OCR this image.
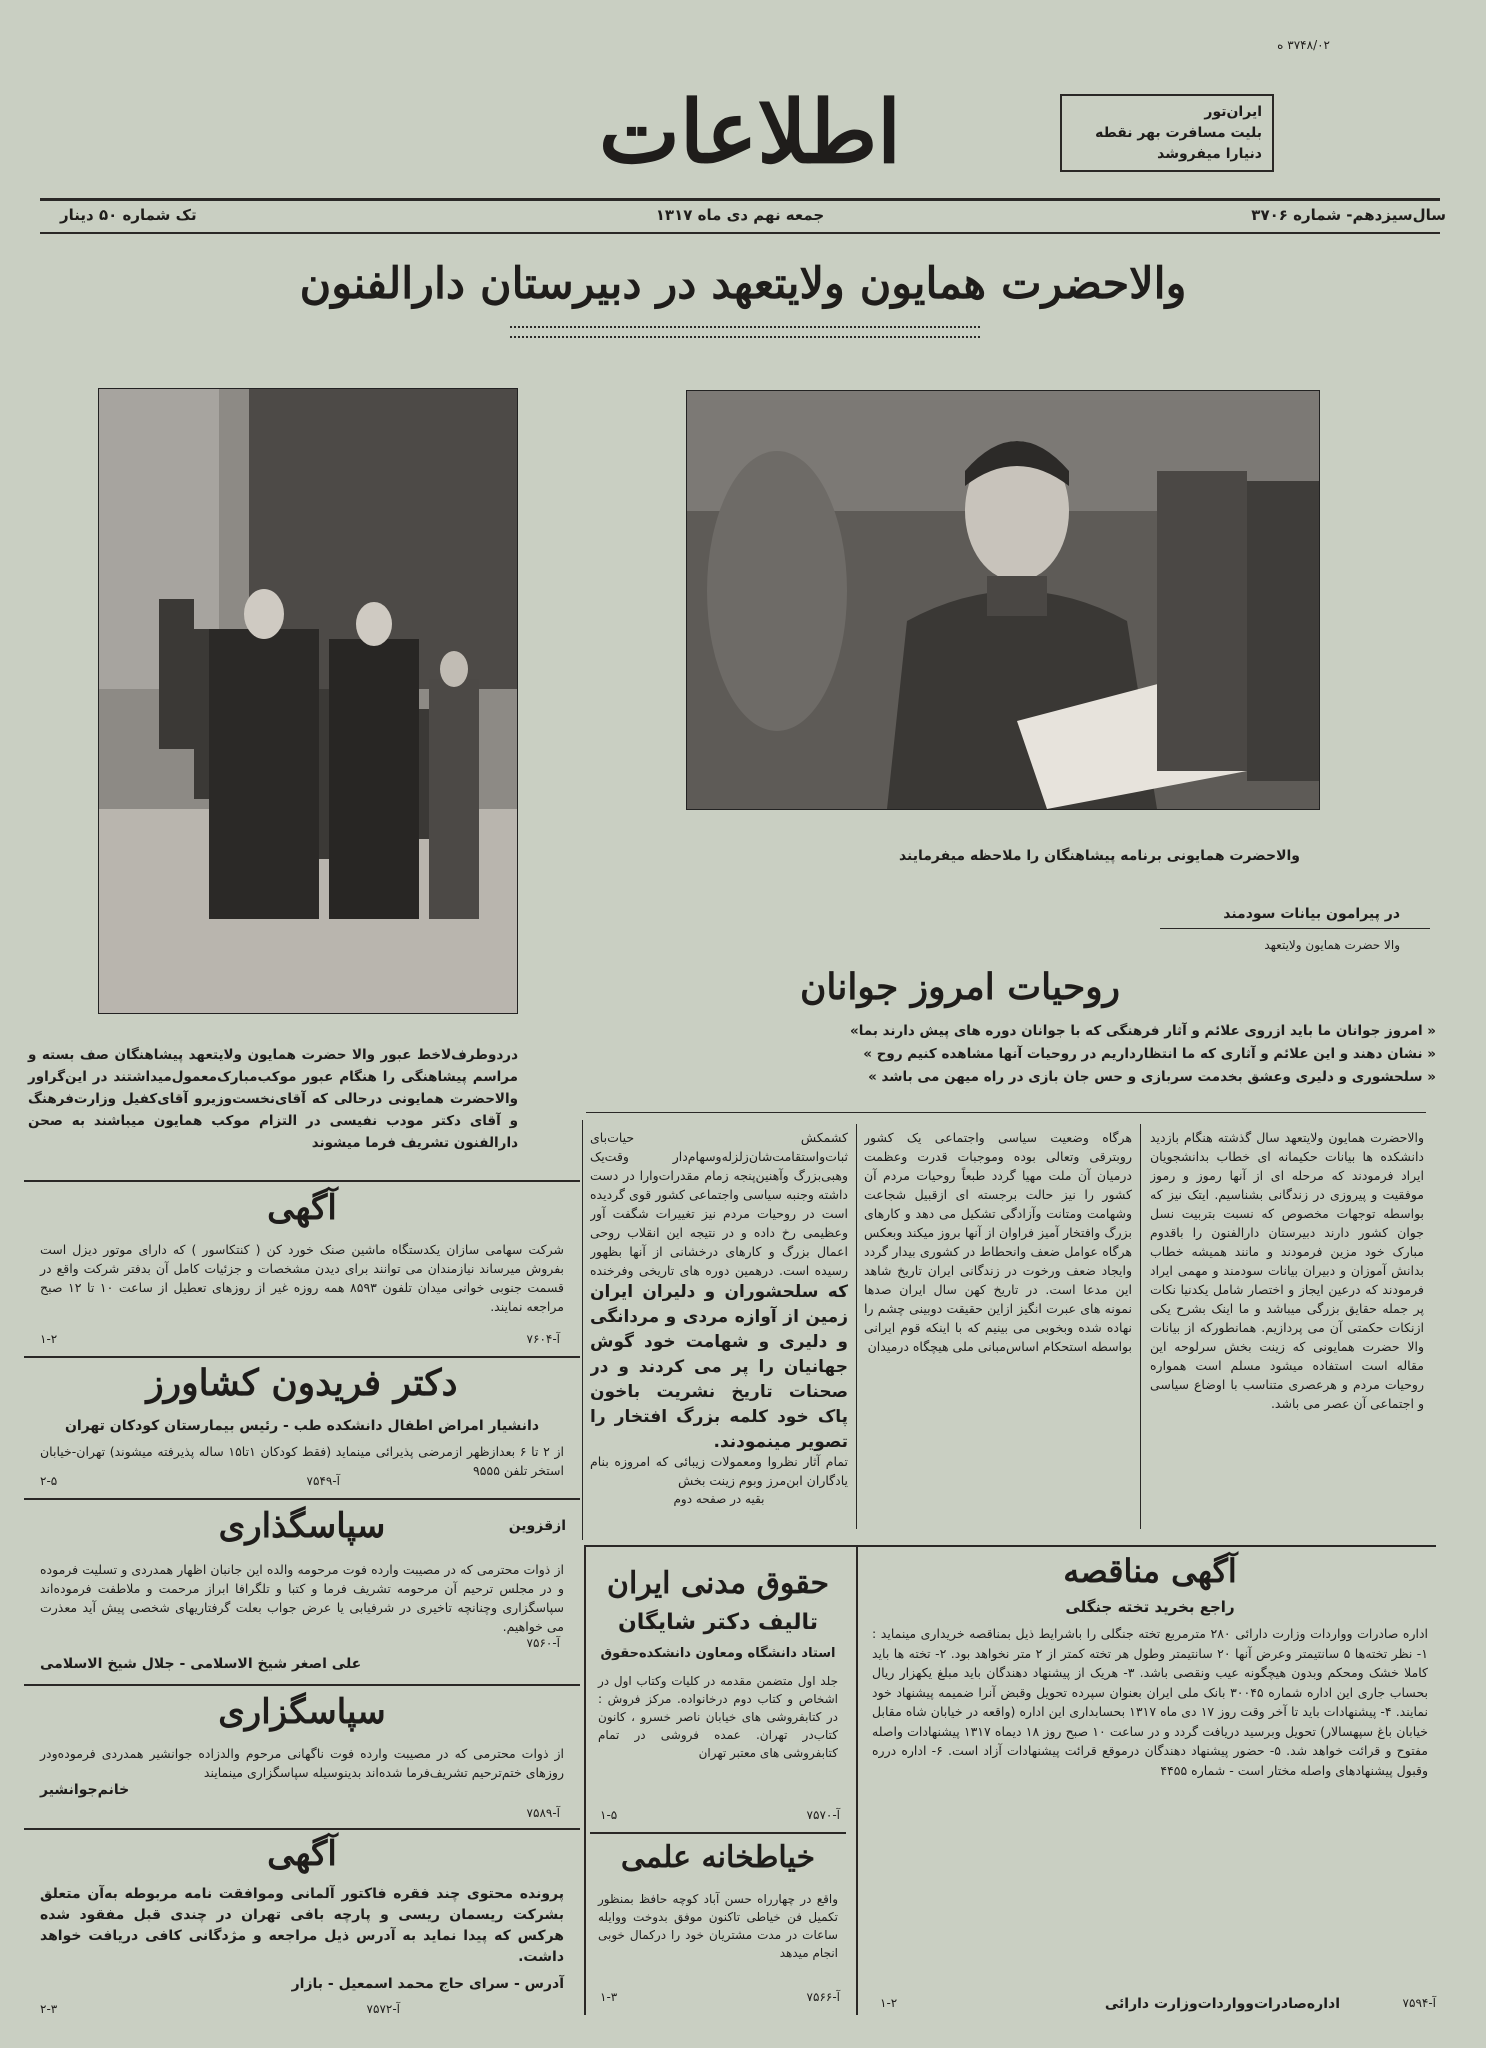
۳۷۴۸/۰۲ ه
ایران‌تور
بلیت مسافرت بهر نقطه
دنیارا میفروشد
اطلاعات
سال‌سیزدهم- شماره ۳۷۰۶
جمعه نهم دی ماه ۱۳۱۷
تک شماره ۵۰ دینار
والاحضرت همایون ولایتعهد در دبیرستان دارالفنون
والاحضرت همایونی برنامه پیشاهنگان را ملاحظه میفرمایند
دردوطرف‌لاخط عبور والا حضرت همایون ولایتعهد پیشاهنگان صف بسته و مراسم پیشاهنگی را هنگام عبور موکب‌مبارک‌معمول‌میداشتند در این‌گراور والاحضرت همایونی درحالی که آقای‌نخست‌وزیرو آقای‌کفیل وزارت‌فرهنگ و آقای دکتر مودب نفیسی در التزام موکب همایون میباشند به صحن دارالفنون تشریف فرما میشوند
در پیرامون بیانات سودمند
والا حضرت همایون ولایتعهد
روحیات امروز جوانان
« امروز جوانان ما باید ازروی علائم و آثار فرهنگی که با جوانان دوره های پیش دارند بما»
« نشان دهند و این علائم و آثاری که ما انتظارداریم در روحیات آنها مشاهده کنیم روح »
« سلحشوری و دلیری وعشق بخدمت سربازی و حس جان بازی در راه میهن می باشد »
والاحضرت همایون ولایتعهد سال گذشته هنگام بازدید دانشکده ها بیانات حکیمانه ای خطاب بدانشجویان ایراد فرمودند که مرحله ای از آنها رموز و رموز موفقیت و پیروزی در زندگانی بشناسیم. ایتک نیز که بواسطه توجهات مخصوص که نسبت بتربیت نسل جوان کشور دارند دبیرستان دارالفنون را باقدوم مبارک خود مزین فرمودند و مانند همیشه خطاب بدانش آموزان و دبیران بیانات سودمند و مهمی ایراد فرمودند که درعین ایجاز و اختصار شامل یکدنیا نکات پر جمله حقایق بزرگی میباشد و ما اینک بشرح یکی ازنکات حکمتی آن می پردازیم. همانطورکه از بیانات والا حضرت همایونی که زینت بخش سرلوحه این مقاله است استفاده میشود مسلم است همواره روحیات مردم و هرعصری متناسب با اوضاع سیاسی و اجتماعی آن عصر می باشد.
هرگاه وضعیت سیاسی واجتماعی یک کشور روبترقی وتعالی بوده وموجبات قدرت وعظمت درمیان آن ملت مهیا گردد طبعاً روحیات مردم آن کشور را نیز حالت برجسته ای ازقبیل شجاعت وشهامت ومتانت وآزادگی تشکیل می دهد و کارهای بزرگ وافتخار آمیز فراوان از آنها بروز میکند وبعکس هرگاه عوامل ضعف وانحطاط در کشوری بیدار گردد وایجاد ضعف ورخوت در زندگانی ایران تاریخ شاهد این مدعا است. در تاریخ کهن سال ایران صدها نمونه های عبرت انگیز ازاین حقیقت دوبینی چشم را نهاده شده وبخوبی می بینیم که با اینکه قوم ایرانی بواسطه استحکام اساس‌مبانی ملی هیچگاه درمیدان
کشمکش حیات‌بای ثبات‌واستقامت‌شان‌زلزله‌و‌سهام‌دار وقت‌یک وهبی‌بزرگ وآهنین‌پنجه زمام‌ مقدرات‌وارا در دست داشته وجنبه سیاسی واجتماعی کشور قوی گردیده است در روحیات مردم نیز تغییرات شگفت آور وعظیمی رخ داده و در نتیجه این انقلاب روحی اعمال بزرگ و کارهای درخشانی از آنها بظهور رسیده است. درهمین دوره های تاریخی وفرخنده
که سلحشوران و دلیران ایران زمین از آوازه مردی و مردانگی و دلیری و شهامت خود گوش جهانیان را پر می کردند و در صحنات تاریخ نشریت باخون پاک خود کلمه بزرگ افتخار را تصویر مینمودند.
تمام آثار نظروا ومعمولات زیبائی که امروزه بنام یادگاران ابن‌مرز وبوم زینت بخش
بقیه در صفحه دوم
آگهی
شرکت سهامی سازان یکدستگاه ماشین صنک خورد کن ( کنتکاسور ) که دارای موتور دیزل است بفروش میرساند نیازمندان می توانند برای دیدن مشخصات و جزئیات کامل آن بدفتر شرکت واقع در قسمت جنوبی خوانی میدان تلفون ۸۵۹۳ همه روزه غیر از روزهای تعطیل از ساعت ۱۰ تا ۱۲ صبح مراجعه نمایند.
آ-۷۶۰۴
۱-۲
دکتر فریدون کشاورز
دانشیار امراض اطفال دانشکده طب - رئیس بیمارستان کودکان تهران
از ۲ تا ۶ بعدازظهر ازمرضی پذیرائی مینماید (فقط کودکان ۱تا۱۵ ساله پذیرفته میشوند) تهران-خیابان استخر تلفن ۹۵۵۵
آ-۷۵۴۹
۲-۵
ازقزوین
سپاسگذاری
از ذوات محترمی که در مصیبت وارده فوت مرحومه والده این جانبان اظهار همدردی و تسلیت فرموده و در مجلس ترحیم آن مرحومه تشریف فرما و کتبا و تلگرافا ابراز مرحمت و ملاطفت فرموده‌اند سپاسگزاری وچنانچه تاخیری در شرفیابی یا عرض جواب بعلت گرفتاریهای شخصی پیش آید معذرت می خواهیم.
آ-۷۵۶۰
علی اصغر شیخ الاسلامی - جلال شیخ الاسلامی
سپاسگزاری
از ذوات محترمی که در مصیبت وارده فوت ناگهانی مرحوم والدزاده جوانشیر همدردی فرموده‌ودر روزهای ختم‌ترحیم تشریف‌فرما شده‌اند بدینوسیله سپاسگزاری مینمایند
خانم‌جوانشیر
آ-۷۵۸۹
آگهی
پرونده محتوی چند فقره فاکتور آلمانی وموافقت نامه مربوطه به‌آن متعلق بشرکت ریسمان ریسی و پارچه بافی تهران در چندی قبل مفقود شده هرکس که پیدا نماید به آدرس ذیل مراجعه و مژدگانی کافی دریافت خواهد داشت.
آدرس - سرای حاج محمد اسمعیل - بازار
آ-۷۵۷۲
۲-۳
حقوق مدنی ایران
تالیف دکتر شایگان
استاد دانشگاه ومعاون دانشکده‌حقوق
جلد اول متضمن مقدمه در کلیات وکتاب اول در اشخاص و کتاب دوم درخانواده. مرکز فروش : در کتابفروشی های خیابان ناصر خسرو ، کانون کتاب‌در تهران. عمده فروشی در تمام کتابفروشی های معتبر تهران
آ-۷۵۷۰
۱-۵
خیاطخانه علمی
واقع در چهارراه حسن آباد کوچه حافظ بمنظور تکمیل فن خیاطی تاکنون موفق بدوخت ووایله ساعات در مدت مشتریان خود را درکمال خوبی انجام میدهد
آ-۷۵۶۶
۱-۳
آگهی مناقصه
راجع بخرید تخته جنگلی
اداره صادرات ووارد‌ات وزارت دارائی ۲۸۰ مترمربع تخته جنگلی را باشرایط ذیل بمناقصه خریداری مینماید : ۱- نظر تخته‌ها ۵ سانتیمتر وعرض آنها ۲۰ سانتیمتر وطول هر تخته کمتر از ۲ متر نخواهد بود. ۲- تخته ها باید کاملا خشک ومحکم وبدون هیچگونه عیب ونقصی باشد. ۳- هریک از پیشنهاد دهندگان باید مبلغ یکهزار ریال بحساب جاری این اداره شماره ۳۰۰۴۵ بانک ملی ایران بعنوان سپرده تحویل وقبض آنرا ضمیمه پیشنهاد خود نمایند. ۴- پیشنهادات باید تا آخر وقت روز ۱۷ دی ماه ۱۳۱۷ بحسابداری این اداره (واقعه در خیابان شاه مقابل خیابان باغ سپهسالار) تحویل وبرسید دریافت گردد و در ساعت ۱۰ صبح روز ۱۸ دیماه ۱۳۱۷ پیشنهادات واصله مفتوح و قرائت خواهد شد. ۵- حضور پیشنهاد دهندگان درموقع قرائت پیشنهادات آزاد است. ۶- اداره درره وقبول پیشنهادهای واصله مختار است - شماره ۴۴۵۵
اداره‌صادرات‌ووارد‌ات‌وزارت دارائی	آ-۷۵۹۴
۱-۲
